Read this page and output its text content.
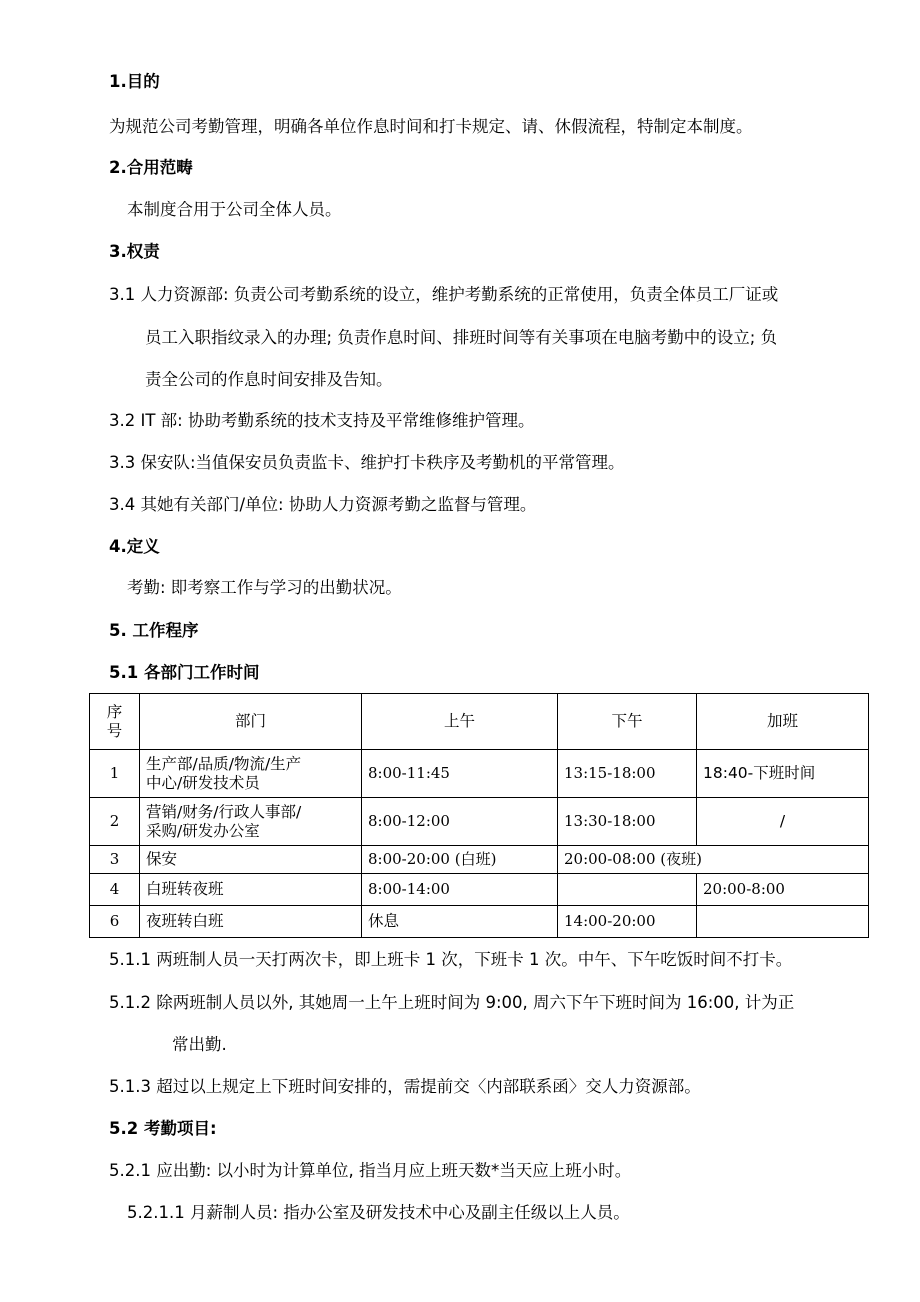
1.目的
为规范公司考勤管理，明确各单位作息时间和打卡规定、请、休假流程，特制定本制度。
2.合用范畴
本制度合用于公司全体人员。
3.权责
3.1 人力资源部: 负责公司考勤系统的设立，维护考勤系统的正常使用，负责全体员工厂证或
员工入职指纹录入的办理; 负责作息时间、排班时间等有关事项在电脑考勤中的设立; 负
责全公司的作息时间安排及告知。
3.2 IT 部: 协助考勤系统的技术支持及平常维修维护管理。
3.3 保安队:当值保安员负责监卡、维护打卡秩序及考勤机的平常管理。
3.4 其她有关部门/单位: 协助人力资源考勤之监督与管理。
4.定义
考勤: 即考察工作与学习的出勤状况。
5. 工作程序
5.1 各部门工作时间
序
号	部门	上午	下午	加班
1	生产部/品质/物流/生产
中心/研发技术员	8:00-11:45	13:15-18:00	18:40-下班时间
2	营销/财务/行政人事部/
采购/研发办公室	8:00-12:00	13:30-18:00	/
3	保安	8:00-20:00 (白班)	20:00-08:00 (夜班)	
4	白班转夜班	8:00-14:00		20:00-8:00
6	夜班转白班	休息	14:00-20:00	
5.1.1 两班制人员一天打两次卡，即上班卡 1 次，下班卡 1 次。中午、下午吃饭时间不打卡。
5.1.2 除两班制人员以外, 其她周一上午上班时间为 9:00, 周六下午下班时间为 16:00, 计为正
常出勤.
5.1.3 超过以上规定上下班时间安排的，需提前交〈内部联系函〉交人力资源部。
5.2 考勤项目:
5.2.1 应出勤: 以小时为计算单位, 指当月应上班天数*当天应上班小时。
5.2.1.1 月薪制人员: 指办公室及研发技术中心及副主任级以上人员。
